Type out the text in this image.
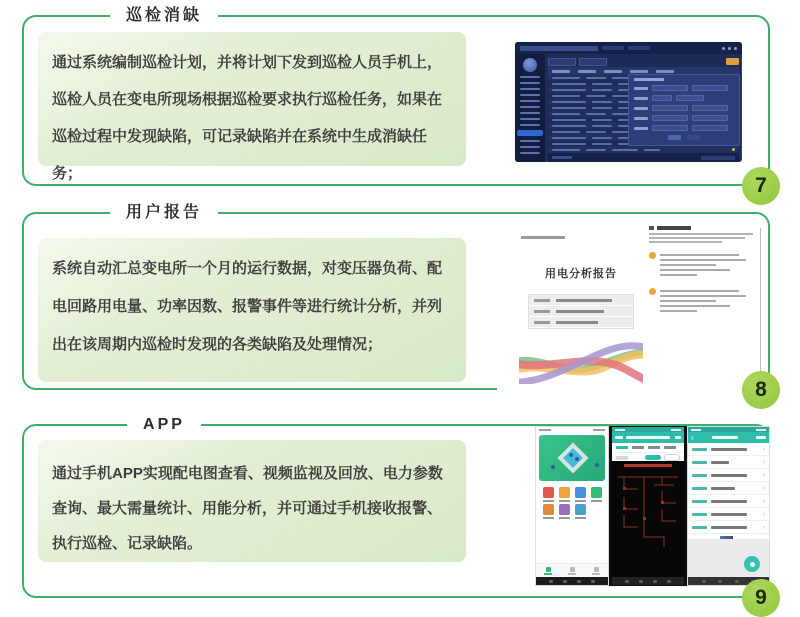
巡检消缺
通过系统编制巡检计划，并将计划下发到巡检人员手机上，巡检人员在变电所现场根据巡检要求执行巡检任务，如果在巡检过程中发现缺陷，可记录缺陷并在系统中生成消缺任务；
7
用户报告
系统自动汇总变电所一个月的运行数据，对变压器负荷、配电回路用电量、功率因数、报警事件等进行统计分析，并列出在该周期内巡检时发现的各类缺陷及处理情况；
用电分析报告
8
APP
通过手机APP实现配电图查看、视频监视及回放、电力参数查询、最大需量统计、用能分析，并可通过手机接收报警、执行巡检、记录缺陷。
‹
›
›
›
›
›
›
›
9
